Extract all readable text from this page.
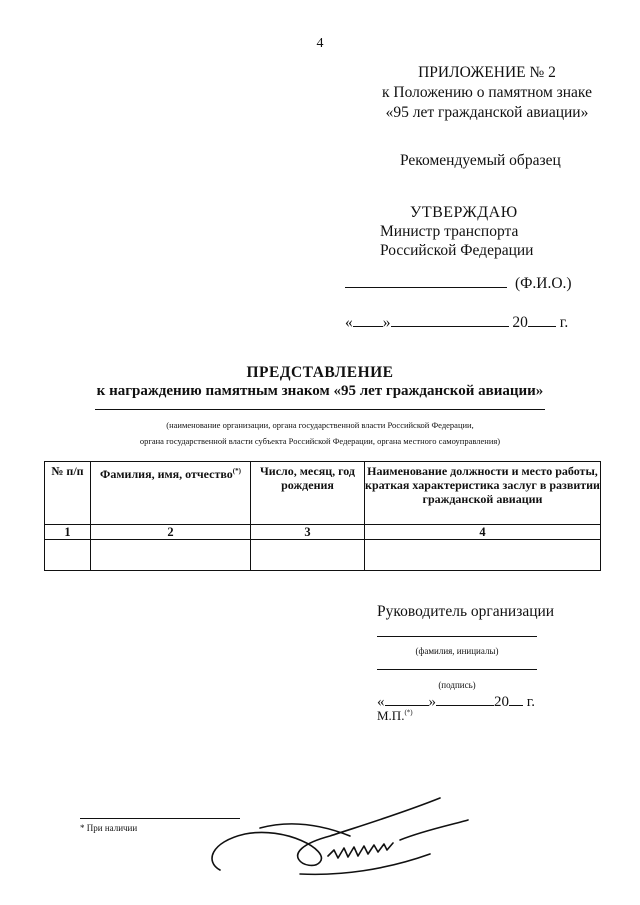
4
ПРИЛОЖЕНИЕ № 2
к Положению о памятном знаке
«95 лет гражданской авиации»
Рекомендуемый образец
УТВЕРЖДАЮ
Министр транспорта
Российской Федерации
(Ф.И.О.)
« »	20 г.
ПРЕДСТАВЛЕНИЕ
к награждению памятным знаком «95 лет гражданской авиации»
(наименование организации, органа государственной власти Российской Федерации,
органа государственной власти субъекта Российской Федерации, органа местного самоуправления)
№ п/п	Фамилия, имя, отчество(*)	Число, месяц, год рождения	Наименование должности и место работы, краткая характеристика заслуг в развитии гражданской авиации
1	2	3	4

Руководитель организации
(фамилия, инициалы)
(подпись)
«	»	20 г.
М.П.(*)
* При наличии
